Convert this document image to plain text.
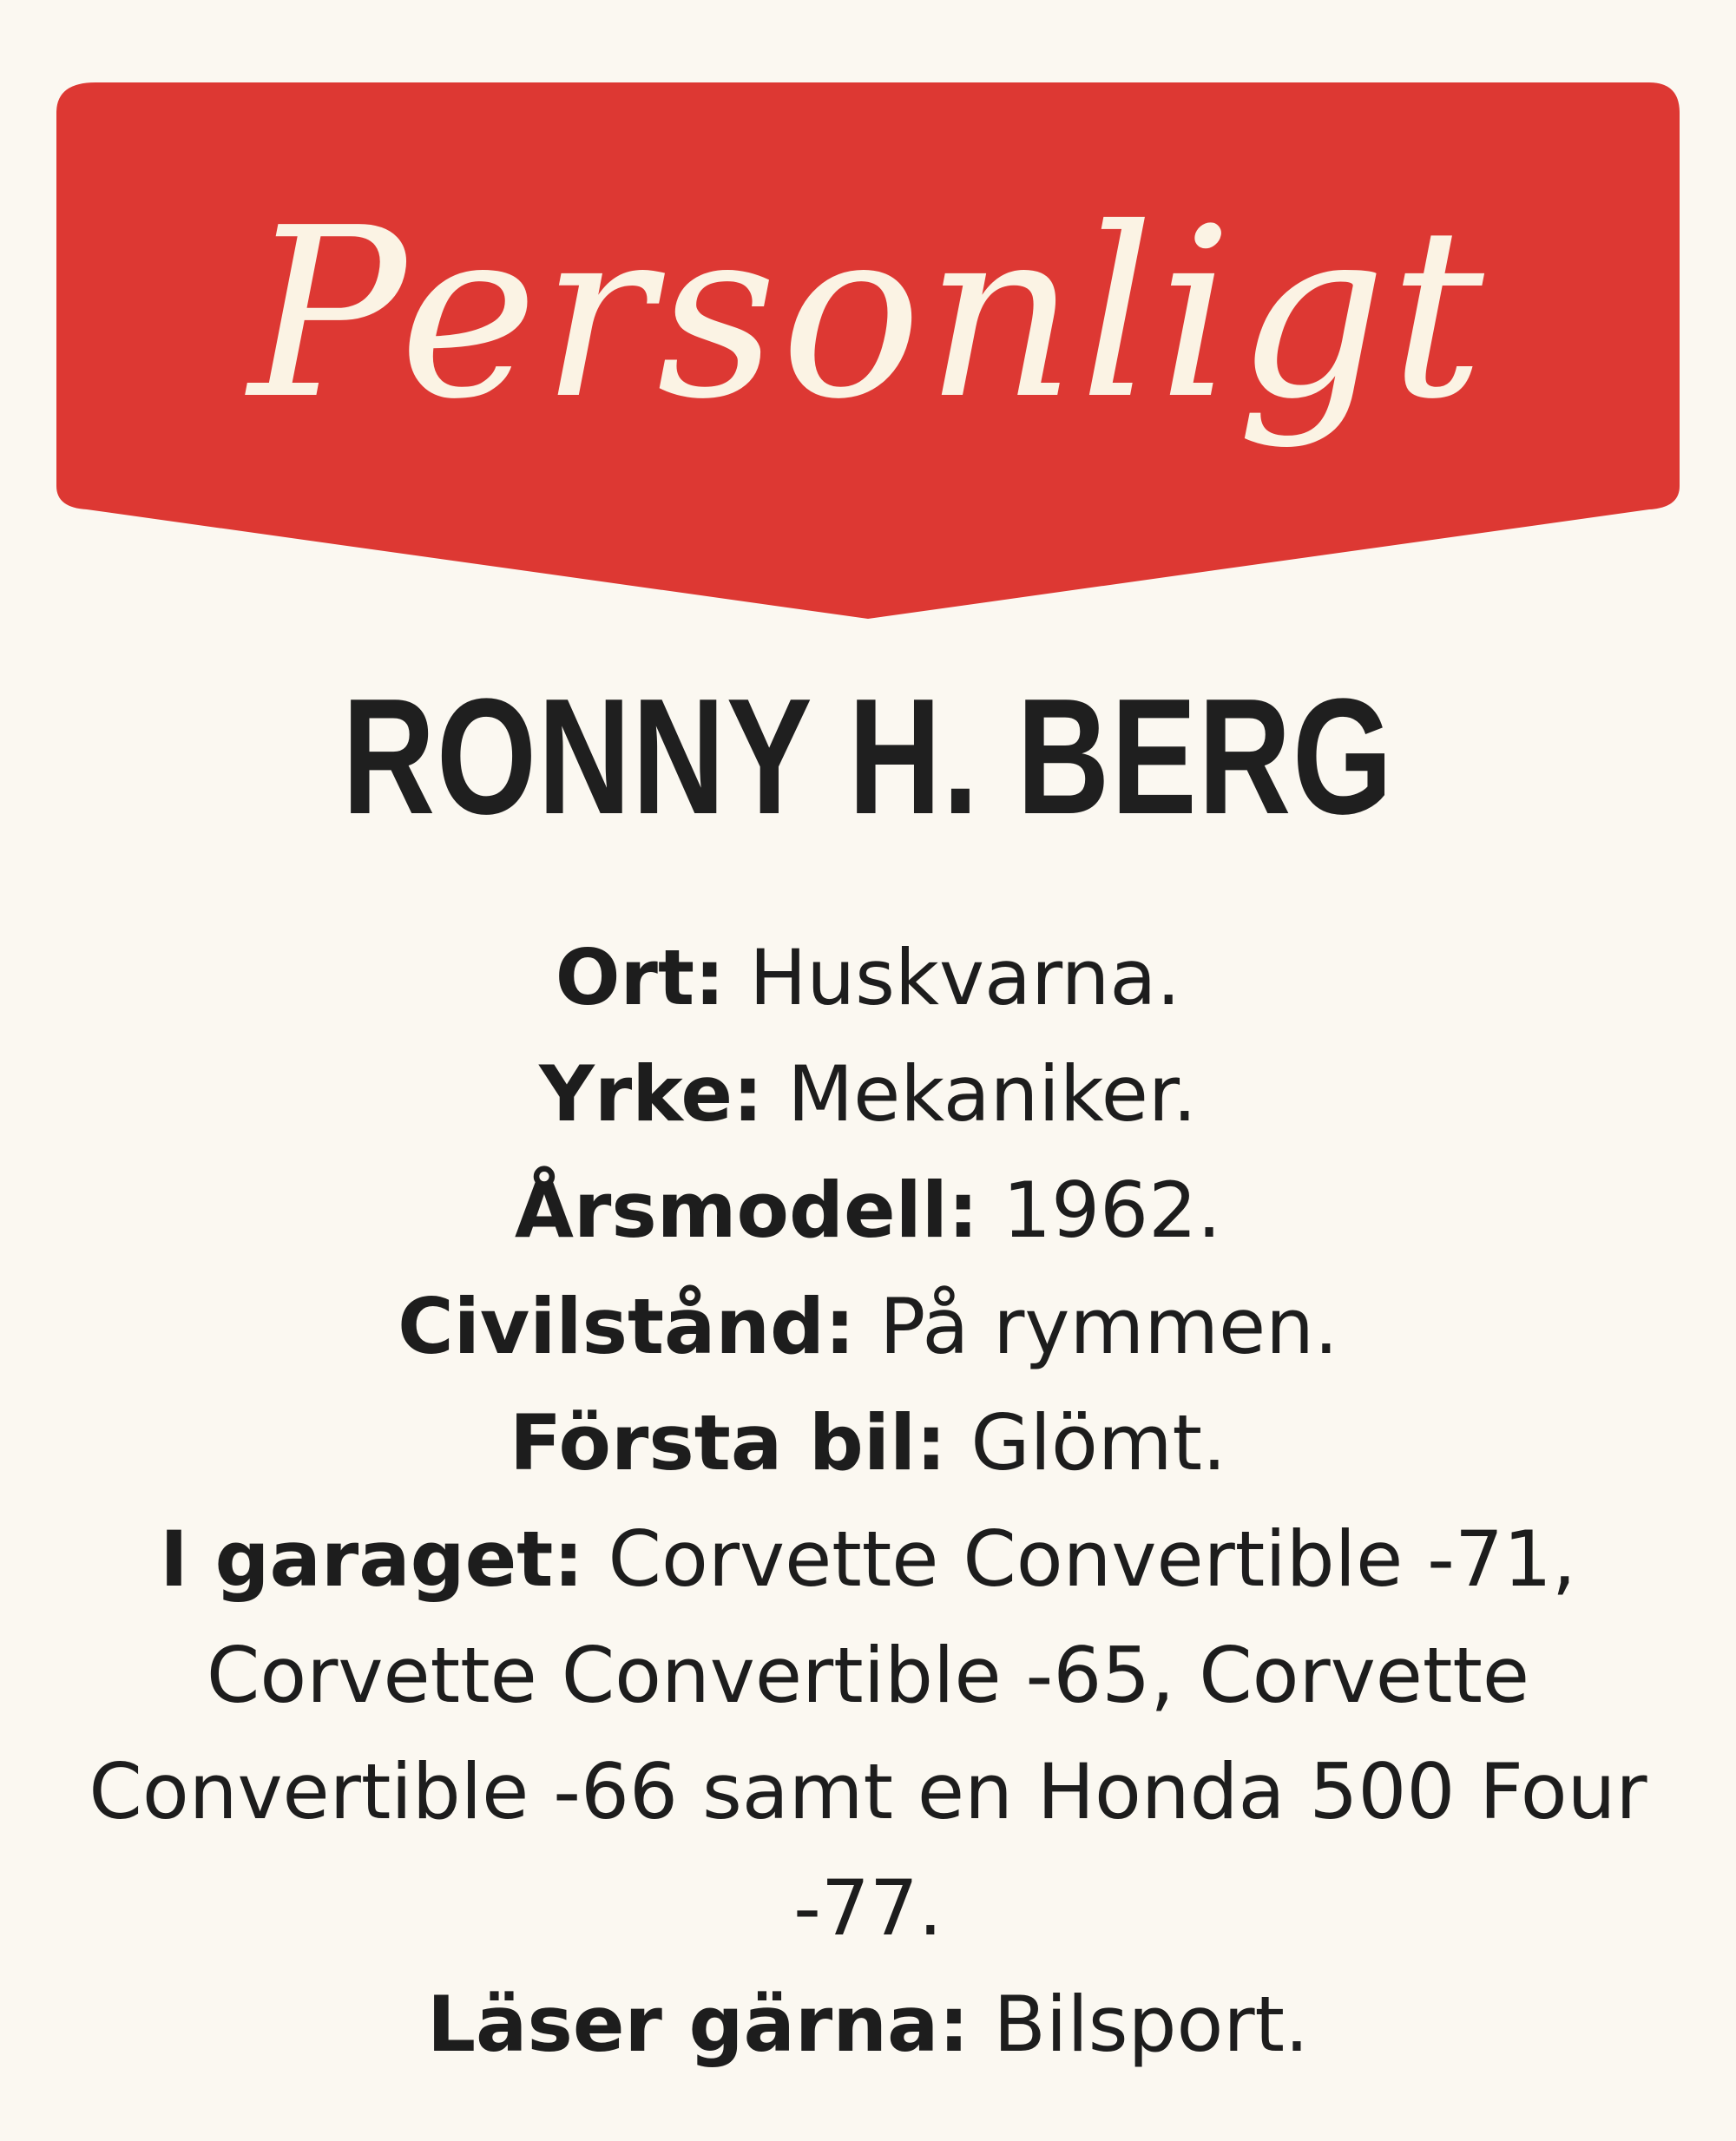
Personligt
RONNY H. BERG
Ort: Huskvarna.
Yrke: Mekaniker.
Årsmodell: 1962.
Civilstånd: På rymmen.
Första bil: Glömt.
I garaget: Corvette Convertible -71, Corvette Convertible -65, Corvette Convertible -66 samt en Honda 500 Four -77.
Läser gärna: Bilsport.
